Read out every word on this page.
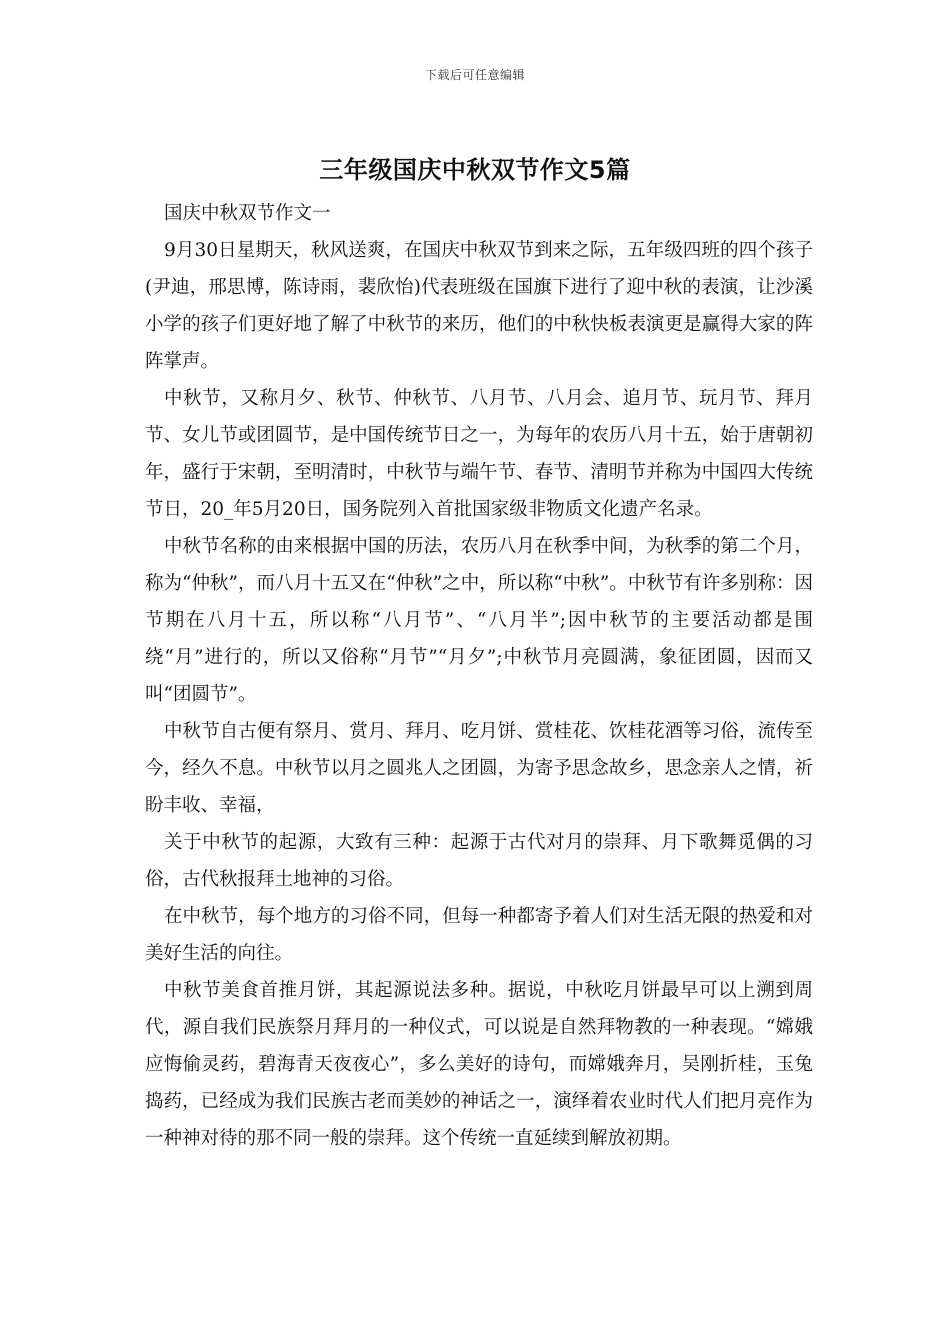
下载后可任意编辑
三年级国庆中秋双节作文5篇

国庆中秋双节作文一

9月30日星期天，秋风送爽，在国庆中秋双节到来之际，五年级四班的四个孩子(尹迪，邢思博，陈诗雨，裴欣怡)代表班级在国旗下进行了迎中秋的表演，让沙溪小学的孩子们更好地了解了中秋节的来历，他们的中秋快板表演更是赢得大家的阵阵掌声。

中秋节，又称月夕、秋节、仲秋节、八月节、八月会、追月节、玩月节、拜月节、女儿节或团圆节，是中国传统节日之一，为每年的农历八月十五，始于唐朝初年，盛行于宋朝，至明清时，中秋节与端午节、春节、清明节并称为中国四大传统节日，20_年5月20日，国务院列入首批国家级非物质文化遗产名录。

中秋节名称的由来根据中国的历法，农历八月在秋季中间，为秋季的第二个月，称为“仲秋”，而八月十五又在“仲秋”之中，所以称“中秋”。中秋节有许多别称：因节期在八月十五，所以称“八月节”、“八月半”;因中秋节的主要活动都是围绕“月”进行的，所以又俗称“月节”“月夕”;中秋节月亮圆满，象征团圆，因而又叫“团圆节”。

中秋节自古便有祭月、赏月、拜月、吃月饼、赏桂花、饮桂花酒等习俗，流传至今，经久不息。中秋节以月之圆兆人之团圆，为寄予思念故乡，思念亲人之情，祈盼丰收、幸福，

关于中秋节的起源，大致有三种：起源于古代对月的崇拜、月下歌舞觅偶的习俗，古代秋报拜土地神的习俗。

在中秋节，每个地方的习俗不同，但每一种都寄予着人们对生活无限的热爱和对美好生活的向往。

中秋节美食首推月饼，其起源说法多种。据说，中秋吃月饼最早可以上溯到周代，源自我们民族祭月拜月的一种仪式，可以说是自然拜物教的一种表现。“嫦娥应悔偷灵药，碧海青天夜夜心”，多么美好的诗句，而嫦娥奔月，吴刚折桂，玉兔捣药，已经成为我们民族古老而美妙的神话之一，演绎着农业时代人们把月亮作为一种神对待的那不同一般的崇拜。这个传统一直延续到解放初期。
